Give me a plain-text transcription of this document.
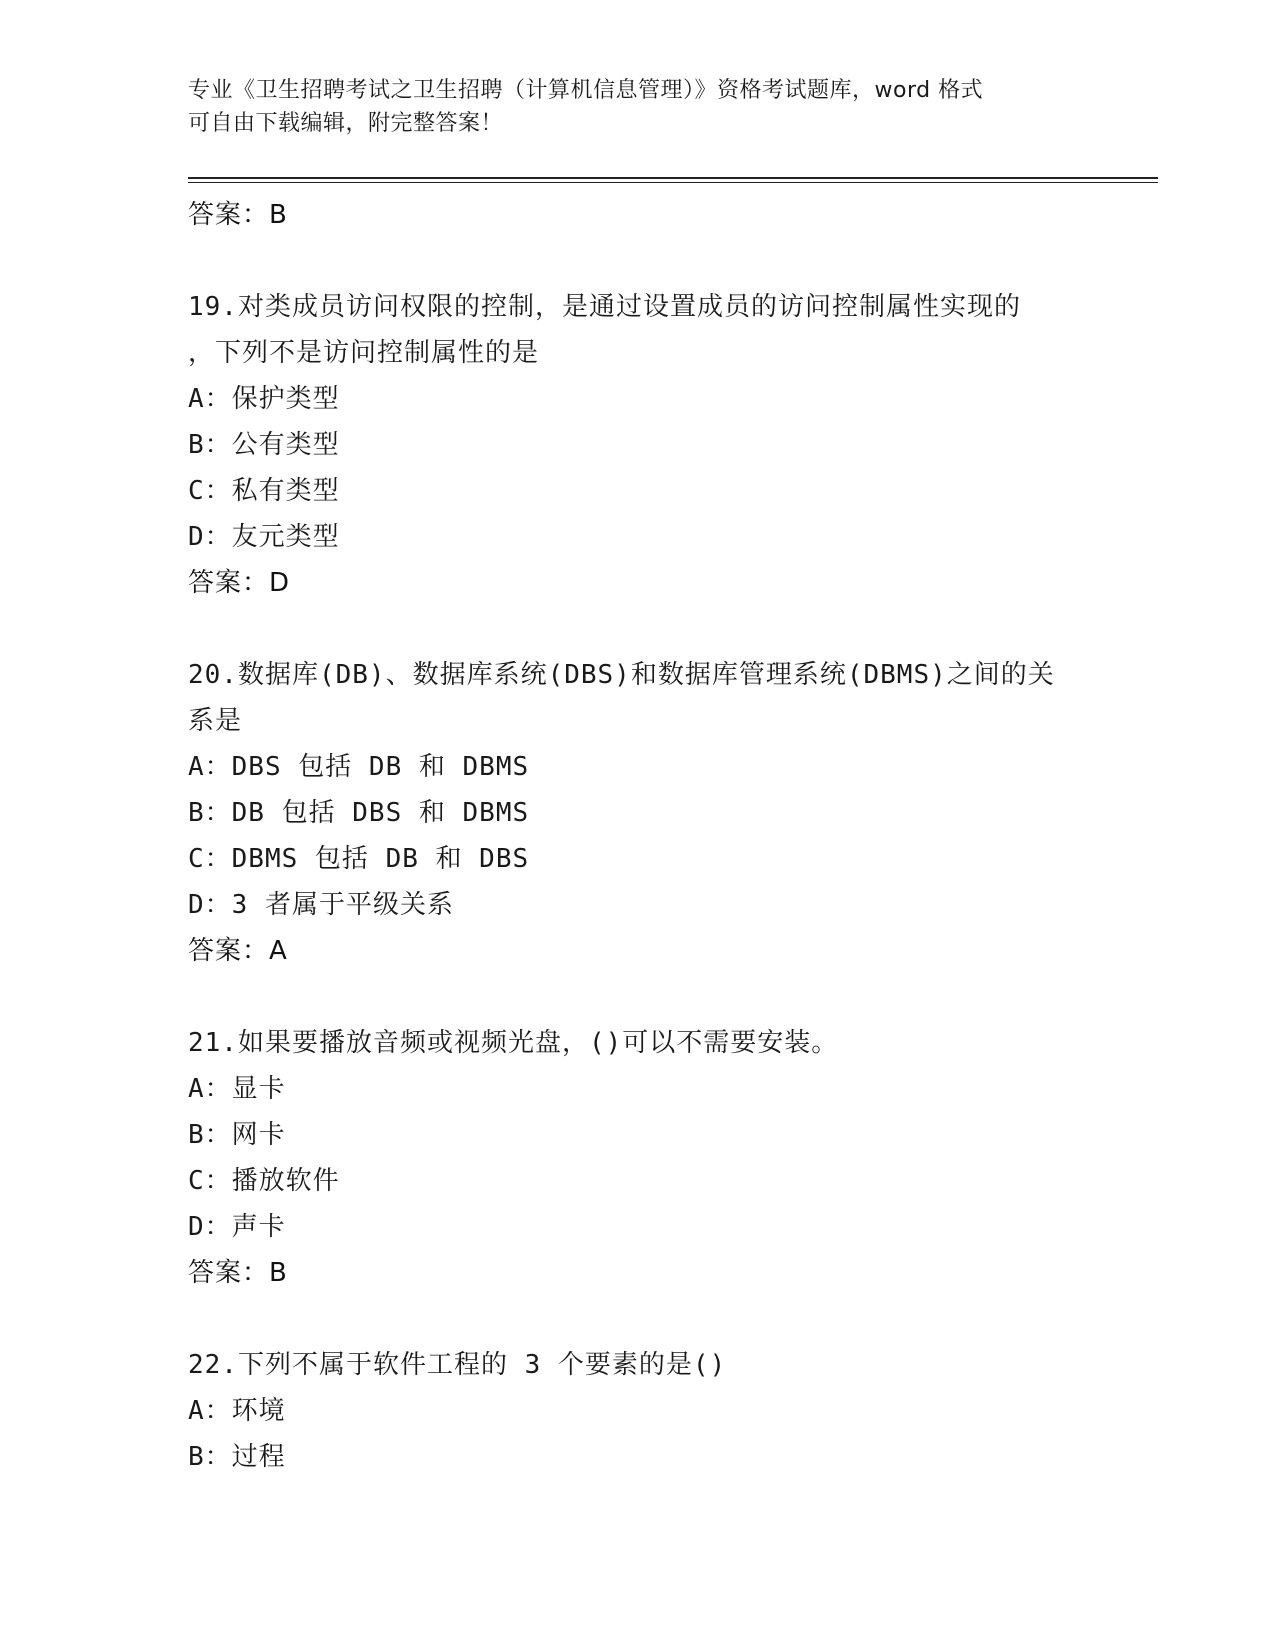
专业《卫生招聘考试之卫生招聘（计算机信息管理）》资格考试题库，word 格式
可自由下载编辑，附完整答案！
答案：B
19.对类成员访问权限的控制，是通过设置成员的访问控制属性实现的
，下列不是访问控制属性的是
A：保护类型
B：公有类型
C：私有类型
D：友元类型
答案：D
20.数据库(DB)、数据库系统(DBS)和数据库管理系统(DBMS)之间的关
系是
A：DBS 包括 DB 和 DBMS
B：DB 包括 DBS 和 DBMS
C：DBMS 包括 DB 和 DBS
D：3 者属于平级关系
答案：A
21.如果要播放音频或视频光盘，()可以不需要安装。
A：显卡
B：网卡
C：播放软件
D：声卡
答案：B
22.下列不属于软件工程的 3 个要素的是()
A：环境
B：过程
